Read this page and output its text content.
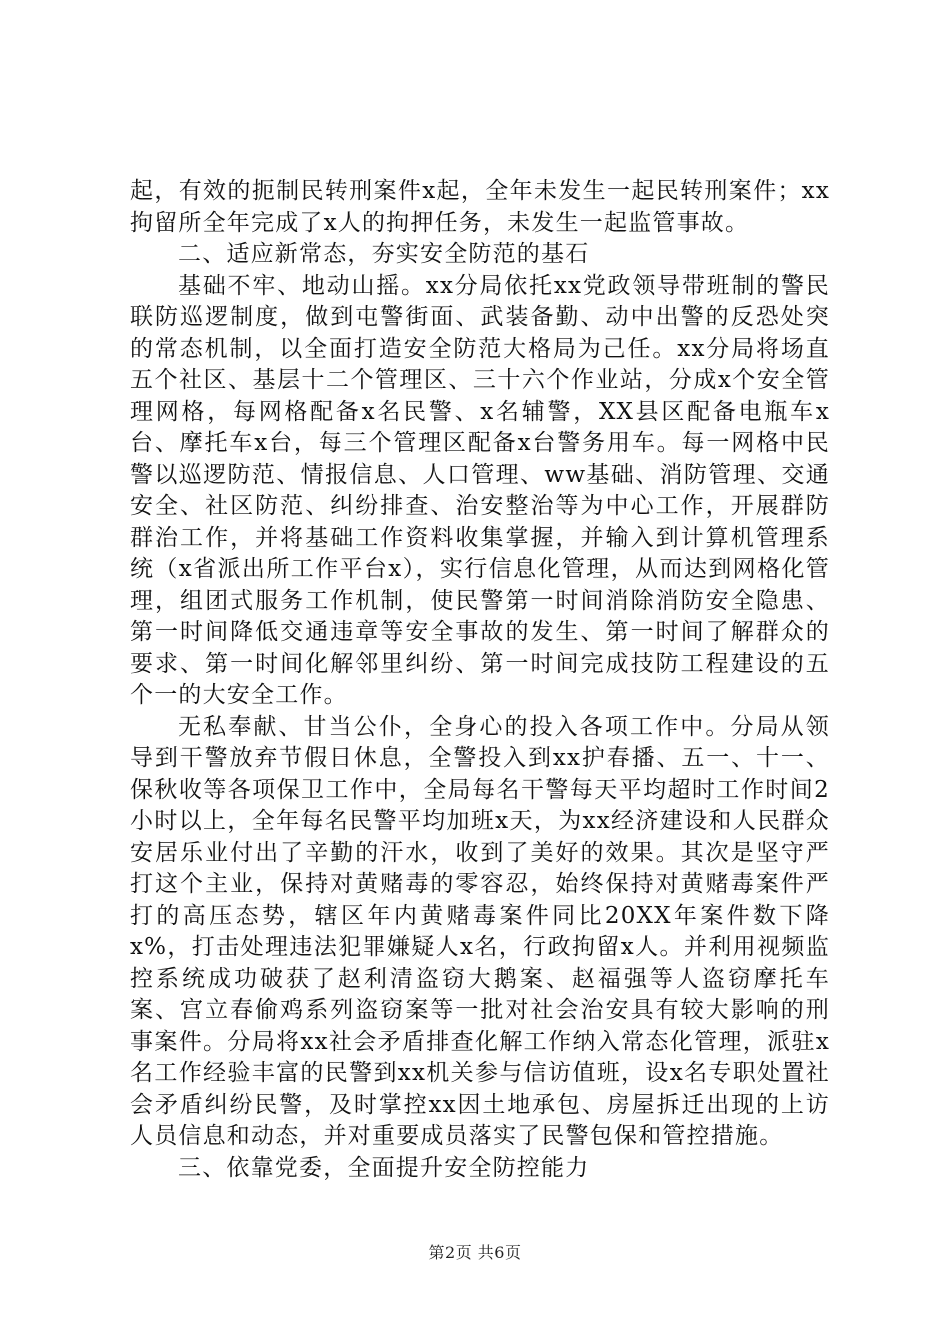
起，有效的扼制民转刑案件x起，全年未发生一起民转刑案件；xx拘留所全年完成了x人的拘押任务，未发生一起监管事故。

二、适应新常态，夯实安全防范的基石

基础不牢、地动山摇。xx分局依托xx党政领导带班制的警民联防巡逻制度，做到屯警街面、武装备勤、动中出警的反恐处突的常态机制，以全面打造安全防范大格局为己任。xx分局将场直五个社区、基层十二个管理区、三十六个作业站，分成x个安全管理网格，每网格配备x名民警、x名辅警，XX县区配备电瓶车x台、摩托车x台，每三个管理区配备x台警务用车。每一网格中民警以巡逻防范、情报信息、人口管理、ww基础、消防管理、交通安全、社区防范、纠纷排查、治安整治等为中心工作，开展群防群治工作，并将基础工作资料收集掌握，并输入到计算机管理系统（x省派出所工作平台x），实行信息化管理，从而达到网格化管理，组团式服务工作机制，使民警第一时间消除消防安全隐患、第一时间降低交通违章等安全事故的发生、第一时间了解群众的要求、第一时间化解邻里纠纷、第一时间完成技防工程建设的五个一的大安全工作。

无私奉献、甘当公仆，全身心的投入各项工作中。分局从领导到干警放弃节假日休息，全警投入到xx护春播、五一、十一、保秋收等各项保卫工作中，全局每名干警每天平均超时工作时间2小时以上，全年每名民警平均加班x天，为xx经济建设和人民群众安居乐业付出了辛勤的汗水，收到了美好的效果。其次是坚守严打这个主业，保持对黄赌毒的零容忍，始终保持对黄赌毒案件严打的高压态势，辖区年内黄赌毒案件同比20XX年案件数下降x%，打击处理违法犯罪嫌疑人x名，行政拘留x人。并利用视频监控系统成功破获了赵利清盗窃大鹅案、赵福强等人盗窃摩托车案、宫立春偷鸡系列盗窃案等一批对社会治安具有较大影响的刑事案件。分局将xx社会矛盾排查化解工作纳入常态化管理，派驻x名工作经验丰富的民警到xx机关参与信访值班，设x名专职处置社会矛盾纠纷民警，及时掌控xx因土地承包、房屋拆迁出现的上访人员信息和动态，并对重要成员落实了民警包保和管控措施。

三、依靠党委，全面提升安全防控能力

第2页 共6页
